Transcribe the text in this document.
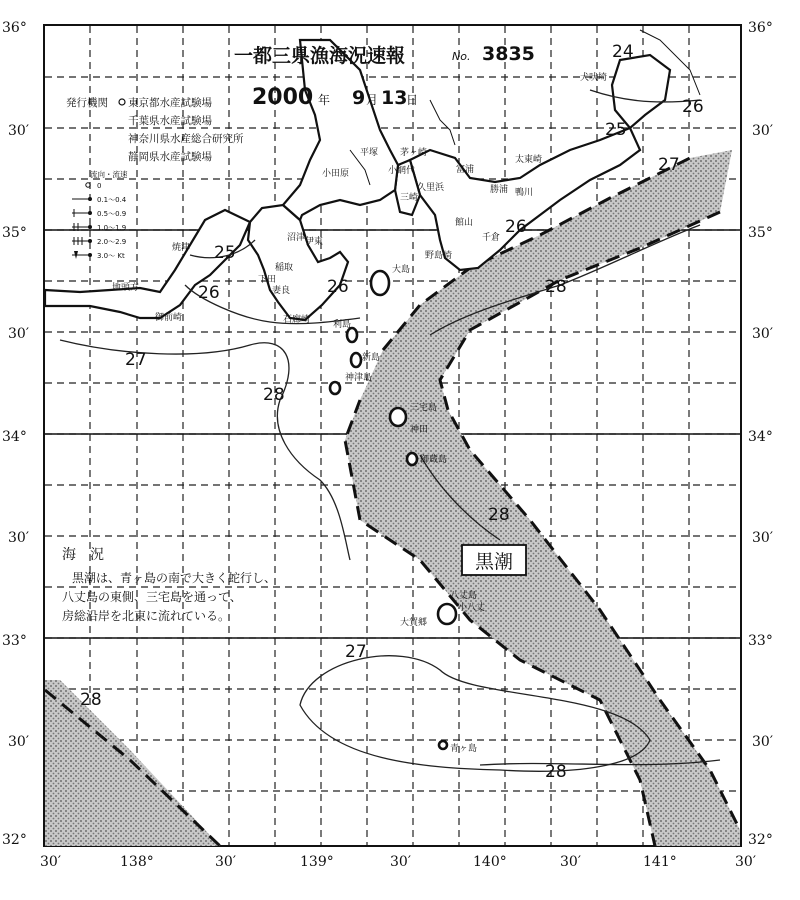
黒潮
24
25
26
27
26
25
26
27
28
26	28
28
27
28
28
犬吠埼
太東崎
平塚 茅ヶ崎
小網代	富浦
小田原
三崎
久里浜	勝浦 鴨川
館山
千倉
野島崎
沼津 伊東
稲取
下田
妻良
石廊崎
大島
焼津
御前崎
地頭方
利島
新島
神津島
三宅島
神田
御蔵島
八丈島
小八丈
大賀郷
青ヶ島
一都三県漁海況速報	No. 3835
2000 年 9 月 13
日
発行機関 東京都水産試験場
千葉県水産試験場
神奈川県水産総合研究所
静岡県水産試験場
流向・流速
0
0.1～0.4
0.5～0.9
1.0～1.9
2.0～2.9
3.0～ Kt
海　況
黒潮は、青ヶ島の南で大きく蛇行し、
八丈島の東側、三宅島を通って、
房総沿岸を北東に流れている。
36°
30′
35°
30′
34°
30′
33°
30′
32°
36°
30′
35°
30′
34°
30′
33°
30′
32°
30′	138°	30′	139°	30′	140°	30′	141°	30′
